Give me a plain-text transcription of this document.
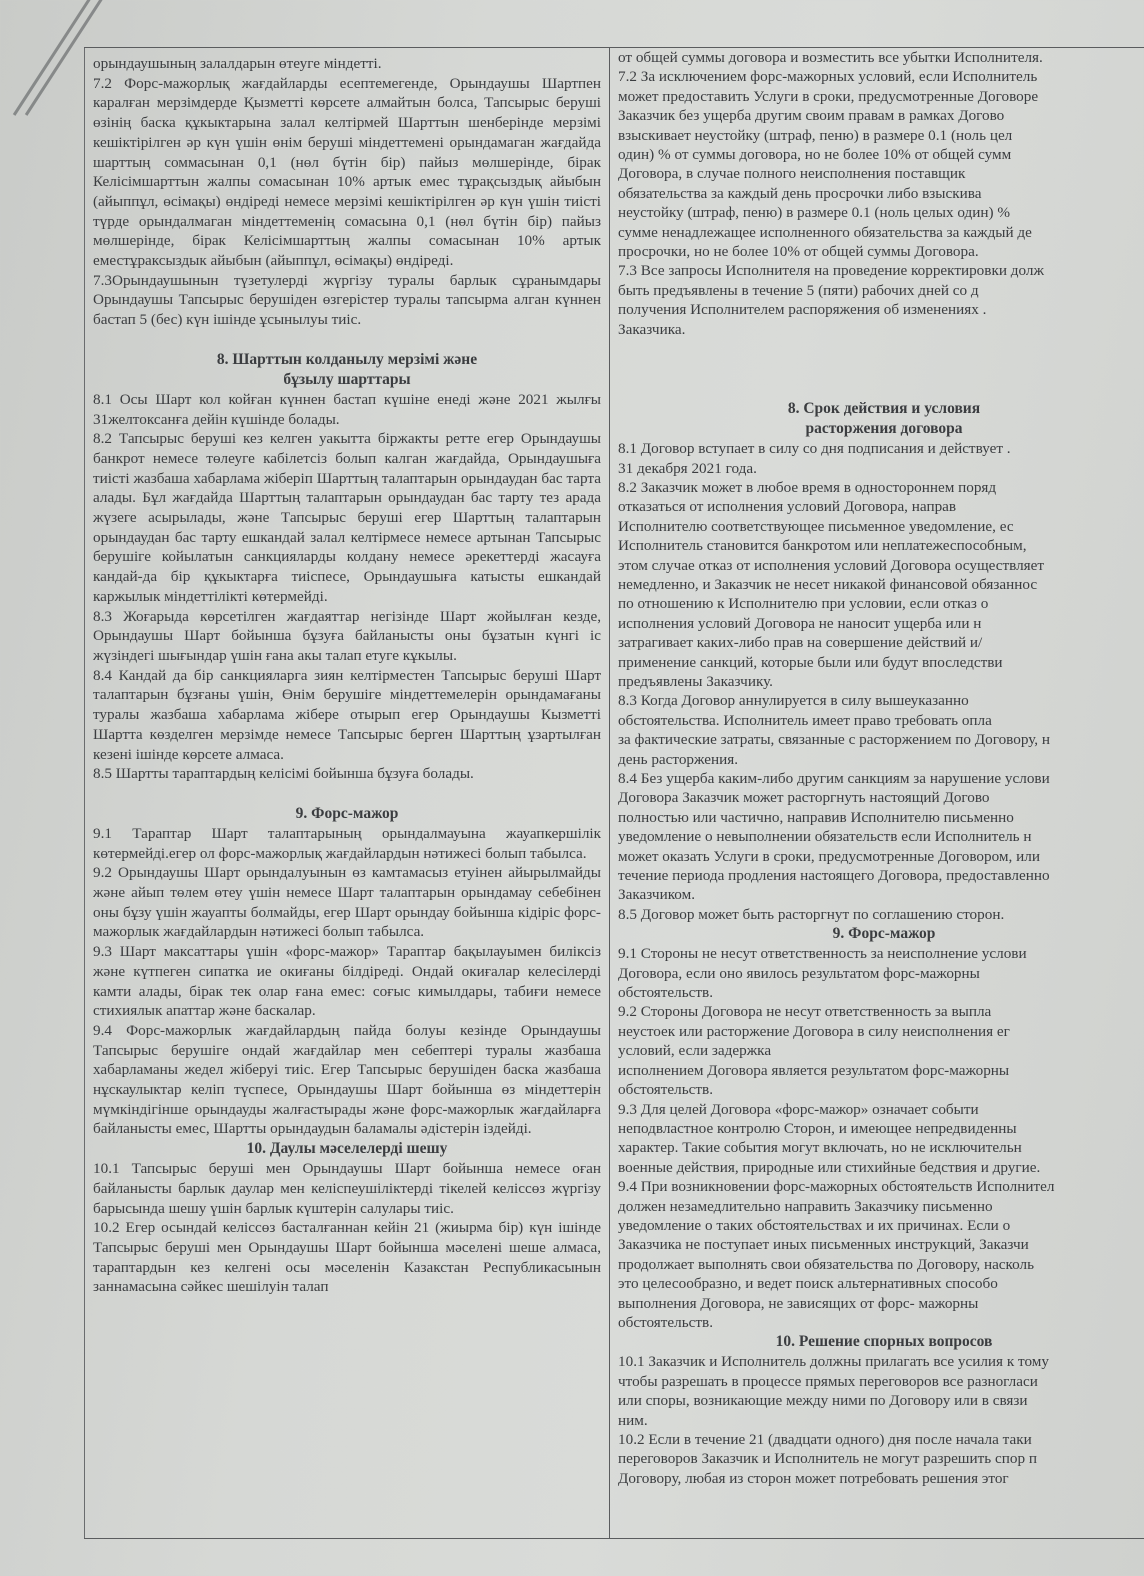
орындаушының залалдарын өтеуге міндетті.
7.2 Форс-мажорлық жағдайларды есептемегенде, Орындаушы Шартпен каралған мерзімдерде Қызметті көрсете алмайтын болса, Тапсырыс беруші өзінің баска құкыктарына залал келтірмей Шарттын шенберінде мерзімі кешіктірілген әр күн үшін өнім беруші міндеттемені орындамаган жағдайда шарттың соммасынан 0,1 (нөл бүтін бір) пайыз мөлшерінде, бірак Келісімшарттын жалпы сомасынан 10% артык емес тұрақсыздық айыбын (айыппұл, өсімақы) өндіреді немесе мерзімі кешіктірілген әр күн үшін тиісті түрде орындалмаган міндеттеменің сомасына 0,1 (нөл бүтін бір) пайыз мөлшерінде, бірак Келісімшарттың жалпы сомасынан 10% артык еместұраксыздык айыбын (айыппұл, өсімақы) өндіреді.
7.3Орындаушынын түзетулерді жүргізу туралы барлык сұранымдары Орындаушы Тапсырыс берушіден өзгерістер туралы тапсырма алган күннен бастап 5 (бес) күн ішінде ұсынылуы тиіс.
8. Шарттын колданылу мерзімі және
бұзылу шарттары
8.1 Осы Шарт кол койған күннен бастап күшіне енеді және 2021 жылғы 31желтоксанға дейін күшінде болады.
8.2 Тапсырыс беруші кез келген уакытта біржакты ретте егер Орындаушы банкрот немесе төлеуге кабілетсіз болып калган жағдайда, Орындаушыға тиісті жазбаша хабарлама жіберіп Шарттың талаптарын орындаудан бас тарта алады. Бұл жағдайда Шарттың талаптарын орындаудан бас тарту тез арада жүзеге асырылады, және Тапсырыс беруші егер Шарттың талаптарын орындаудан бас тарту ешкандай залал келтірмесе немесе артынан Тапсырыс берушіге койылатын санкцияларды колдану немесе әрекеттерді жасауға кандай-да бір құкыктарға тиіспесе, Орындаушыға катысты ешкандай каржылык міндеттілікті көтермейді.
8.3 Жоғарыда көрсетілген жағдаяттар негізінде Шарт жойылған кезде, Орындаушы Шарт бойынша бұзуға байланысты оны бұзатын күнгі іс жүзіндегі шығындар үшін ғана акы талап етуге кұкылы.
8.4 Кандай да бір санкцияларга зиян келтірместен Тапсырыс беруші Шарт талаптарын бұзғаны үшін, Өнім берушіге міндеттемелерін орындамағаны туралы жазбаша хабарлама жібере отырып егер Орындаушы Кызметті Шартта көзделген мерзімде немесе Тапсырыс берген Шарттың ұзартылған кезені ішінде көрсете алмаса.
8.5 Шартты тараптардың келісімі бойынша бұзуға болады.
9. Форс-мажор
9.1 Тараптар Шарт талаптарының орындалмауына жауапкершілік көтермейді.егер ол форс-мажорлық жағдайлардын нәтижесі болып табылса.
9.2 Орындаушы Шарт орындалуынын өз камтамасыз етуінен айырылмайды және айып төлем өтеу үшін немесе Шарт талаптарын орындамау себебінен оны бұзу үшін жауапты болмайды, егер Шарт орындау бойынша кідіріс форс-мажорлык жағдайлардын нәтижесі болып табылса.
9.3 Шарт максаттары үшін «форс-мажор» Тараптар бақылауымен биліксіз және күтпеген сипатка ие окиғаны білдіреді. Ондай окиғалар келесілерді камти алады, бірак тек олар ғана емес: соғыс кимылдары, табиғи немесе стихиялык апаттар және баскалар.
9.4 Форс-мажорлык жағдайлардың пайда болуы кезінде Орындаушы Тапсырыс берушіге ондай жағдайлар мен себептері туралы жазбаша хабарламаны жедел жіберуі тиіс. Егер Тапсырыс берушіден баска жазбаша нұскаулыктар келіп түспесе, Орындаушы Шарт бойынша өз міндеттерін мүмкіндігінше орындауды жалғастырады және форс-мажорлык жағдайларға байланысты емес, Шартты орындаудын баламалы әдістерін іздейді.
10. Даулы мәселелерді шешу
10.1 Тапсырыс беруші мен Орындаушы Шарт бойынша немесе оған байланысты барлык даулар мен келіспеушіліктерді тікелей келіссөз жүргізу барысында шешу үшін барлык күштерін салулары тиіс.
10.2 Егер осындай келіссөз басталғаннан кейін 21 (жиырма бір) күн ішінде Тапсырыс беруші мен Орындаушы Шарт бойынша мәселені шеше алмаса, тараптардын кез келгені осы мәселенін Казакстан Республикасынын заннамасына сәйкес шешілуін талап
от общей суммы договора и возместить все убытки Исполнителя.
7.2 За исключением форс-мажорных условий, если Исполнитель
может предоставить Услуги в сроки, предусмотренные Договоре
Заказчик без ущерба другим своим правам в рамках Догово
взыскивает неустойку (штраф, пеню) в размере 0.1 (ноль цел
один) % от суммы договора, но не более 10% от общей сумм
Договора, в случае полного неисполнения поставщик
обязательства за каждый день просрочки либо взыскива
неустойку (штраф, пеню) в размере 0.1 (ноль целых один) %
сумме ненадлежащее исполненного обязательства за каждый де
просрочки, но не более 10% от общей суммы Договора.
7.3 Все запросы Исполнителя на проведение корректировки долж
быть предъявлены в течение 5 (пяти) рабочих дней со д
получения Исполнителем распоряжения об изменениях .
Заказчика.
8. Срок действия и условия
расторжения договора
8.1 Договор вступает в силу со дня подписания и действует .
31 декабря 2021 года.
8.2 Заказчик может в любое время в одностороннем поряд
отказаться от исполнения условий Договора, направ
Исполнителю соответствующее письменное уведомление, ес
Исполнитель становится банкротом или неплатежеспособным,
этом случае отказ от исполнения условий Договора осуществляет
немедленно, и Заказчик не несет никакой финансовой обязаннос
по отношению к Исполнителю при условии, если отказ о
исполнения условий Договора не наносит ущерба или н
затрагивает каких-либо прав на совершение действий и/
применение санкций, которые были или будут впоследстви
предъявлены Заказчику.
8.3 Когда Договор аннулируется в силу вышеуказанно
обстоятельства. Исполнитель имеет право требовать опла
за фактические затраты, связанные с расторжением по Договору, н
день расторжения.
8.4 Без ущерба каким-либо другим санкциям за нарушение услови
Договора Заказчик может расторгнуть настоящий Догово
полностью или частично, направив Исполнителю письменно
уведомление о невыполнении обязательств если Исполнитель н
может оказать Услуги в сроки, предусмотренные Договором, или
течение периода продления настоящего Договора, предоставленно
Заказчиком.
8.5 Договор может быть расторгнут по соглашению сторон.
9. Форс-мажор
9.1 Стороны не несут ответственность за неисполнение услови
Договора, если оно явилось результатом форс-мажорны
обстоятельств.
9.2 Стороны Договора не несут ответственность за выпла
неустоек или расторжение Договора в силу неисполнения ег
условий, если задержка
исполнением Договора является результатом форс-мажорны
обстоятельств.
9.3 Для целей Договора «форс-мажор» означает событи
неподвластное контролю Сторон, и имеющее непредвиденны
характер. Такие события могут включать, но не исключительн
военные действия, природные или стихийные бедствия и другие.
9.4 При возникновении форс-мажорных обстоятельств Исполнител
должен незамедлительно направить Заказчику письменно
уведомление о таких обстоятельствах и их причинах. Если о
Заказчика не поступает иных письменных инструкций, Заказчи
продолжает выполнять свои обязательства по Договору, насколь
это целесообразно, и ведет поиск альтернативных способо
выполнения Договора, не зависящих от форс- мажорны
обстоятельств.
10. Решение спорных вопросов
10.1 Заказчик и Исполнитель должны прилагать все усилия к тому
чтобы разрешать в процессе прямых переговоров все разногласи
или споры, возникающие между ними по Договору или в связи
ним.
10.2 Если в течение 21 (двадцати одного) дня после начала таки
переговоров Заказчик и Исполнитель не могут разрешить спор п
Договору, любая из сторон может потребовать решения этог
